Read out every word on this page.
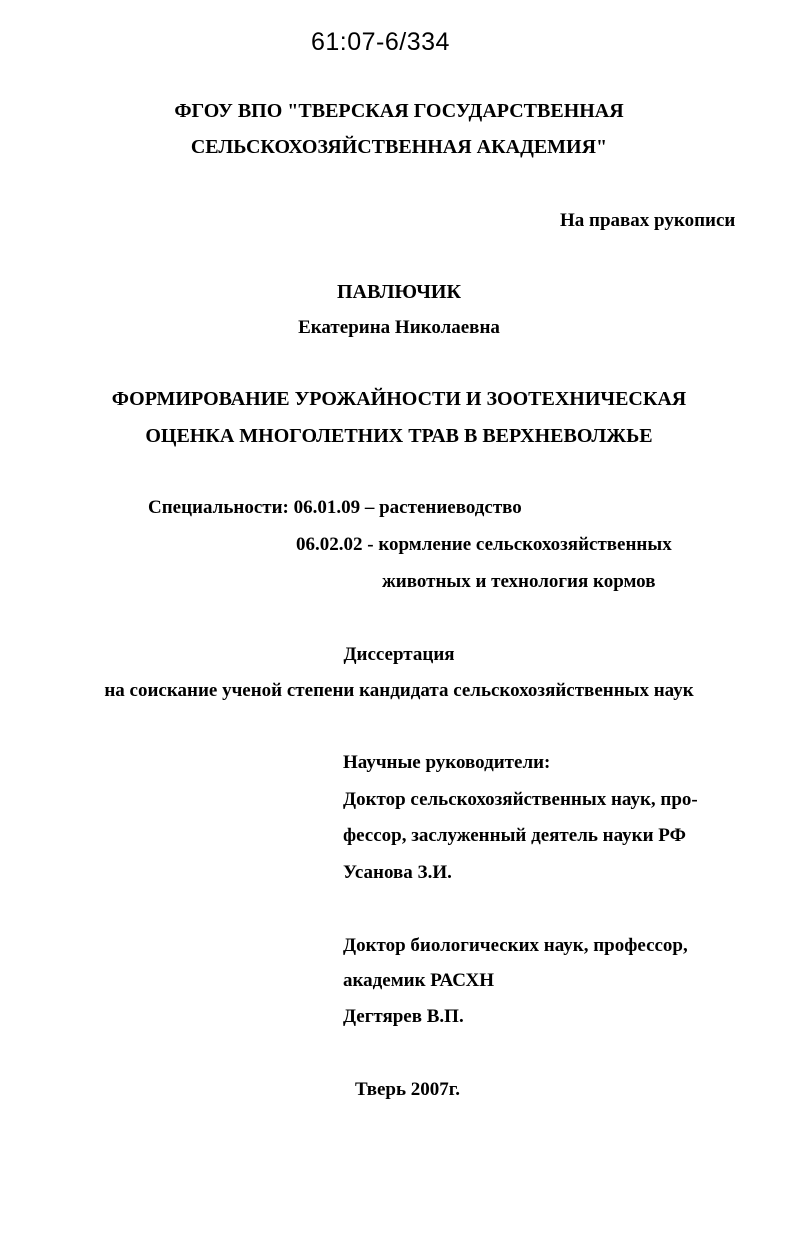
61:07-6/334
ФГОУ ВПО "ТВЕРСКАЯ ГОСУДАРСТВЕННАЯ
СЕЛЬСКОХОЗЯЙСТВЕННАЯ АКАДЕМИЯ"
На правах рукописи
ПАВЛЮЧИК
Екатерина Николаевна
ФОРМИРОВАНИЕ УРОЖАЙНОСТИ И ЗООТЕХНИЧЕСКАЯ
ОЦЕНКА МНОГОЛЕТНИХ ТРАВ В ВЕРХНЕВОЛЖЬЕ
Специальности: 06.01.09 – растениеводство
06.02.02 - кормление сельскохозяйственных
животных и технология кормов
Диссертация
на соискание ученой степени кандидата сельскохозяйственных наук
Научные руководители:
Доктор сельскохозяйственных наук, про-
фессор, заслуженный деятель науки РФ
Усанова З.И.
Доктор биологических наук, профессор,
академик РАСХН
Дегтярев В.П.
Тверь 2007г.
